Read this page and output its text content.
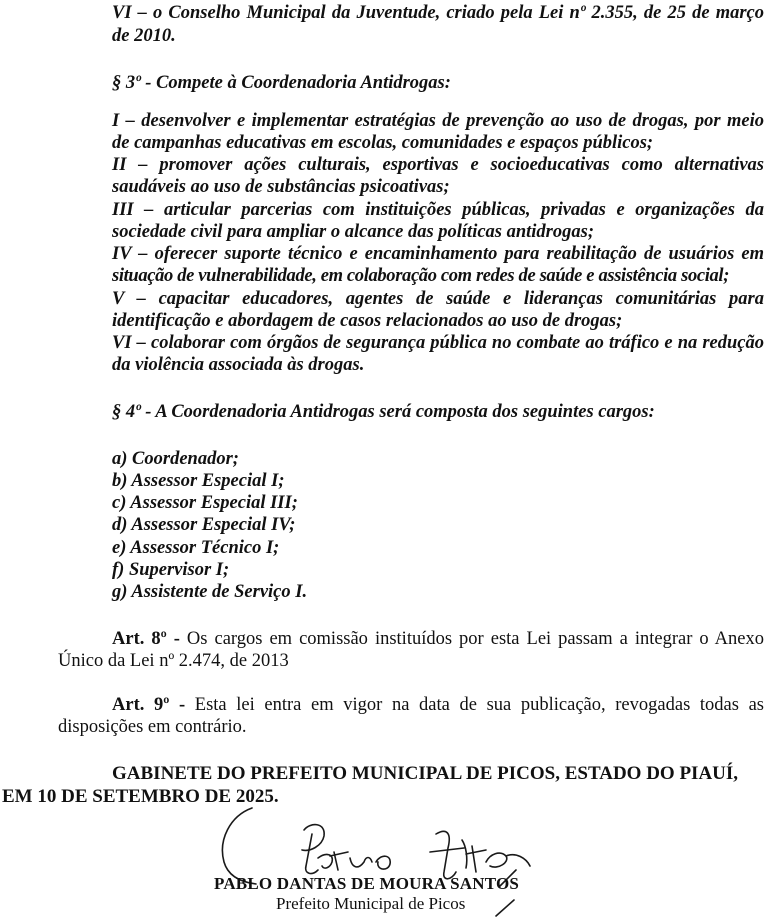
VI – o Conselho Municipal da Juventude, criado pela Lei nº 2.355, de 25 de março
de 2010.
§ 3º - Compete à Coordenadoria Antidrogas:
I – desenvolver e implementar estratégias de prevenção ao uso de drogas, por meio
de campanhas educativas em escolas, comunidades e espaços públicos;
II – promover ações culturais, esportivas e socioeducativas como alternativas
saudáveis ao uso de substâncias psicoativas;
III – articular parcerias com instituições públicas, privadas e organizações da
sociedade civil para ampliar o alcance das políticas antidrogas;
IV – oferecer suporte técnico e encaminhamento para reabilitação de usuários em
situação de vulnerabilidade, em colaboração com redes de saúde e assistência social;
V – capacitar educadores, agentes de saúde e lideranças comunitárias para
identificação e abordagem de casos relacionados ao uso de drogas;
VI – colaborar com órgãos de segurança pública no combate ao tráfico e na redução
da violência associada às drogas.
§ 4º - A Coordenadoria Antidrogas será composta dos seguintes cargos:
a) Coordenador;
b) Assessor Especial I;
c) Assessor Especial III;
d) Assessor Especial IV;
e) Assessor Técnico I;
f) Supervisor I;
g) Assistente de Serviço I.
Art. 8º - Os cargos em comissão instituídos por esta Lei passam a integrar o Anexo
Único da Lei nº 2.474, de 2013
Art. 9º - Esta lei entra em vigor na data de sua publicação, revogadas todas as
disposições em contrário.
GABINETE DO PREFEITO MUNICIPAL DE PICOS, ESTADO DO PIAUÍ,
EM 10 DE SETEMBRO DE 2025.
PABLO DANTAS DE MOURA SANTOS
Prefeito Municipal de Picos
